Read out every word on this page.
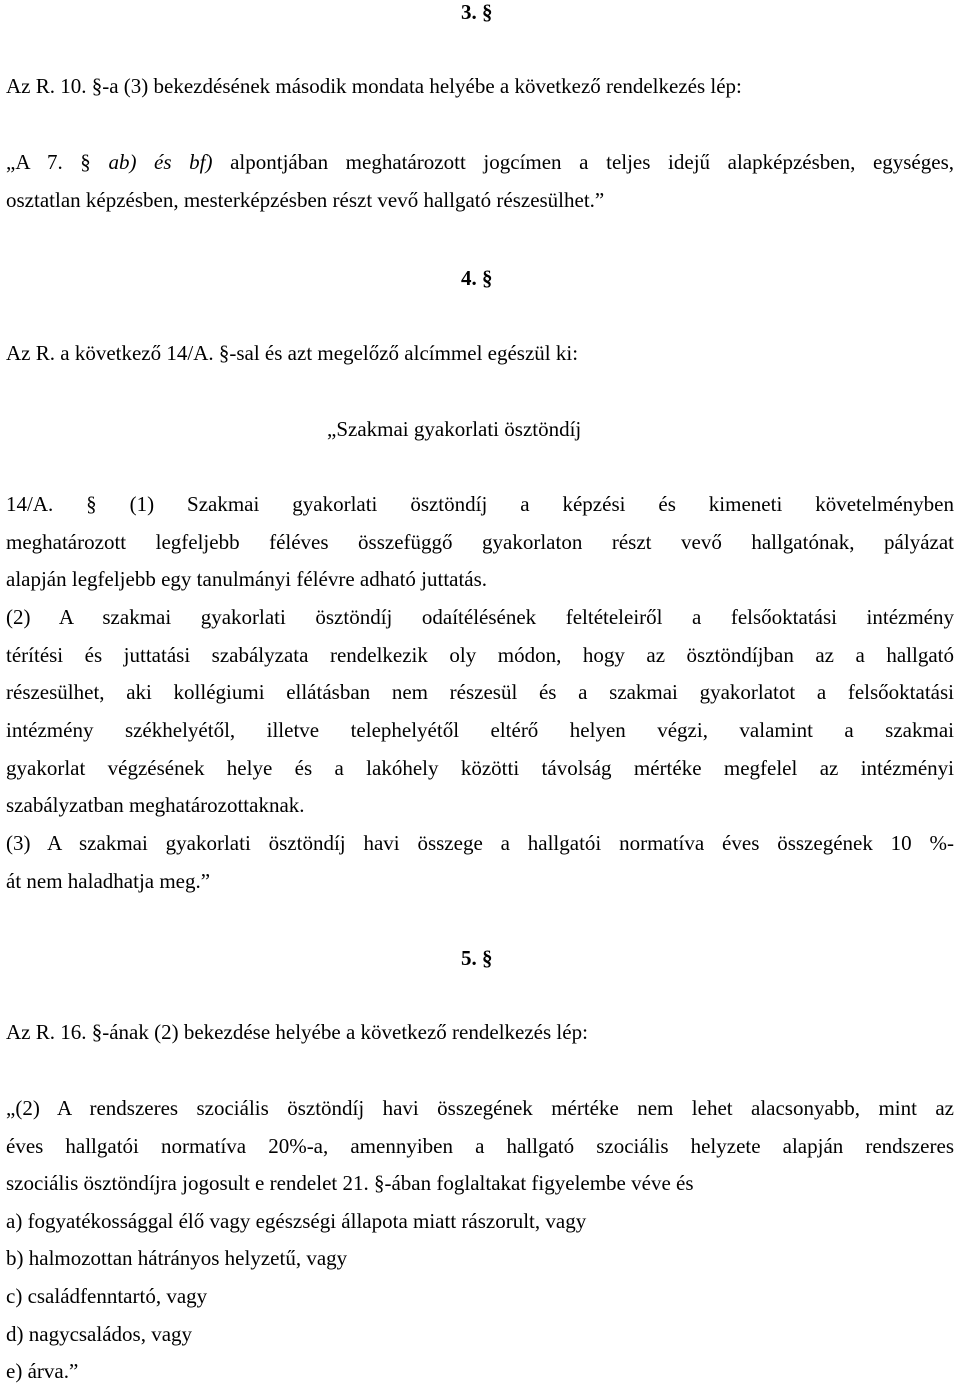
3. §
Az R. 10. §-a (3) bekezdésének második mondata helyébe a következő rendelkezés lép:
„A 7. § ab) és bf) alpontjában meghatározott jogcímen a teljes idejű alapképzésben, egységes,
osztatlan képzésben, mesterképzésben részt vevő hallgató részesülhet.”
4. §
Az R. a következő 14/A. §-sal és azt megelőző alcímmel egészül ki:
„Szakmai gyakorlati ösztöndíj
14/A. § (1) Szakmai gyakorlati ösztöndíj a képzési és kimeneti követelményben
meghatározott legfeljebb féléves összefüggő gyakorlaton részt vevő hallgatónak, pályázat
alapján legfeljebb egy tanulmányi félévre adható juttatás.
(2) A szakmai gyakorlati ösztöndíj odaítélésének feltételeiről a felsőoktatási intézmény
térítési és juttatási szabályzata rendelkezik oly módon, hogy az ösztöndíjban az a hallgató
részesülhet, aki kollégiumi ellátásban nem részesül és a szakmai gyakorlatot a felsőoktatási
intézmény székhelyétől, illetve telephelyétől eltérő helyen végzi, valamint a szakmai
gyakorlat végzésének helye és a lakóhely közötti távolság mértéke megfelel az intézményi
szabályzatban meghatározottaknak.
(3) A szakmai gyakorlati ösztöndíj havi összege a hallgatói normatíva éves összegének 10 %-
át nem haladhatja meg.”
5. §
Az R. 16. §-ának (2) bekezdése helyébe a következő rendelkezés lép:
„(2) A rendszeres szociális ösztöndíj havi összegének mértéke nem lehet alacsonyabb, mint az
éves hallgatói normatíva 20%-a, amennyiben a hallgató szociális helyzete alapján rendszeres
szociális ösztöndíjra jogosult e rendelet 21. §-ában foglaltakat figyelembe véve és
a) fogyatékossággal élő vagy egészségi állapota miatt rászorult, vagy
b) halmozottan hátrányos helyzetű, vagy
c) családfenntartó, vagy
d) nagycsaládos, vagy
e) árva.”
